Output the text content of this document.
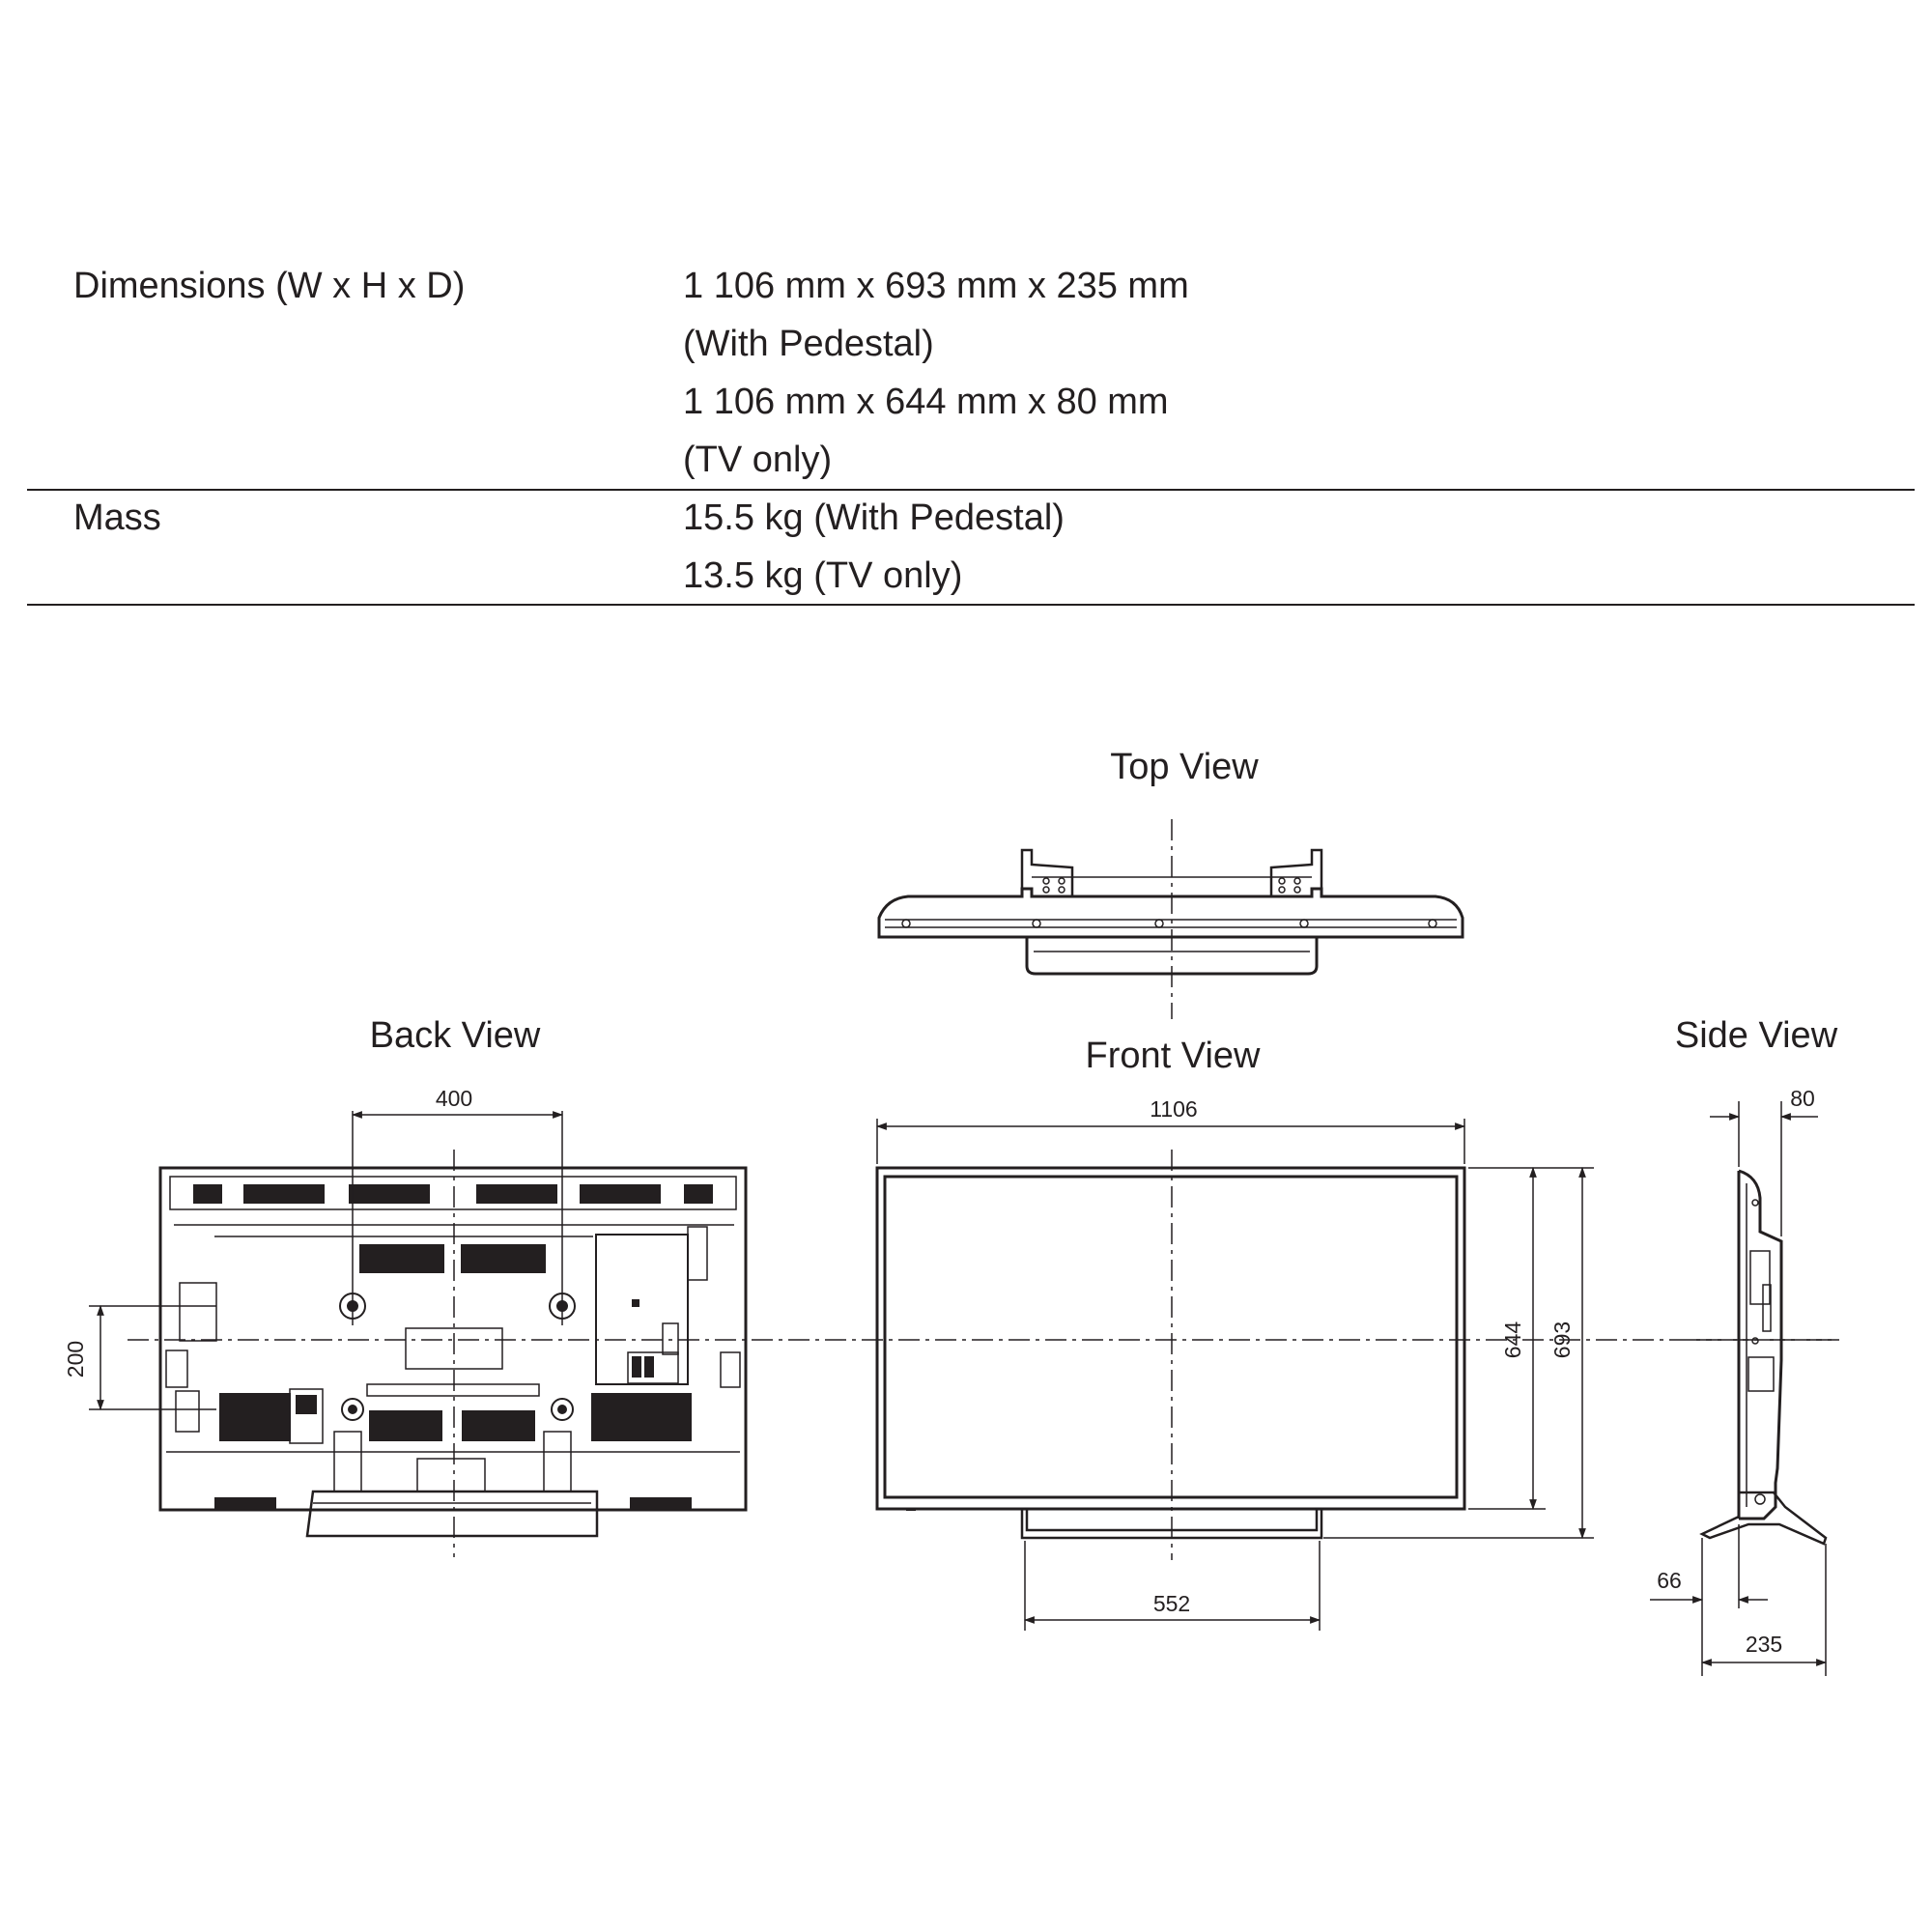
Dimensions (W x H x D)	1 106 mm x 693 mm x 235 mm
(With Pedestal)
1 106 mm x 644 mm x 80 mm
(TV only)
Mass	15.5 kg (With Pedestal)
13.5 kg (TV only)
Top View
Back View
400
200
Front View
1106
644 693
552
Side View
80
66
235
